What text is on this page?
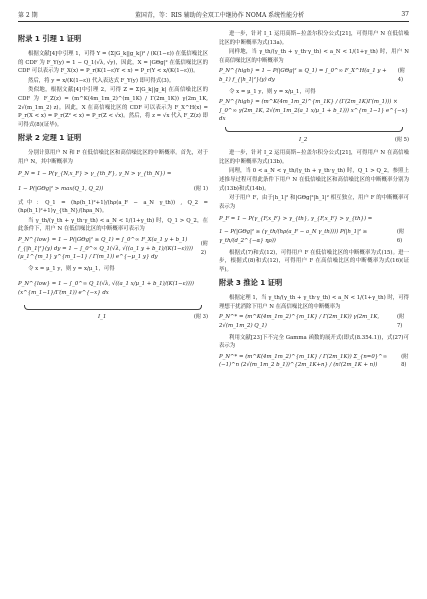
第 2 期	董国青，等：RIS 辅助的全双工中继协作 NOMA 系统性能分析	37
附录 1 引理 1 证明
根据文献[4]中引理 1，可得 Y = (Σ|G_k||g_k|)² / (K(1−ε)) 在低信噪比区的 CDF 为 F_Y(y) = 1 − Q_1(√λ, √y)，因此，X = |GΘg|² 在低信噪比区的 CDF 可以表示为 F_X(x) = P_r(K(1−ε)Y < x) = P_r(Y < x/(K(1−ε)))。
然后，将 y = x/(K(1−ε)) 代入表达式 F_Y(y) 即可得式(3)。
类似地，根据文献[4]中引理 2，可得 Z = Σ|G_k||g_k| 在高信噪比区的 CDF 为 F_Z(z) = (m^K(4m_1m_2)^(m_1K) / Γ(2m_1K)) γ(2m_1K, 2√(m_1m_2) z)。因此，X 在高信噪比区的 CDF 可以表示为 F_X^H(x) = P_r(X < x) = P_r(Z² < x) = P_r(Z < √x)。然后，将 z = √x 代入 F_Z(z) 即可得式(8)(证毕)。
附录 2 定理 1 证明
分别计算用户 N 和 F 在低信噪比区和高信噪比区的中断概率。首先，对于用户 N，其中断概率为
P_N = 1 − P(γ_{N,x_F} > γ_{th_F}, γ_N > γ_{th_N}) =
1 − P(|GΘg|² > max(Q_1, Q_2))	(附 1)
式中：Q_1 = (hρ(h_1)²+1)/(hρ(a_F − a_N γ_th)) , Q_2 = (hρ(h_1)²+1)γ_{th_N}/(hρa_N)。
当 γ_th/(γ_th + γ_th·γ_th) < a_N < 1/(1+γ_th) 时，Q_1 > Q_2，在此条件下，用户 N 在低信噪比区的中断概率可表示为
P_N^{low} = 1 − P(|GΘg|² ≥ Q_1) = ∫_0^∞ F_X(a_1 y + b_1) f_{|h_1|²}(y) dy = 1 − ∫_0^∞ Q_1(√λ, √((a_1 y + b_1)/(K(1−ε)))) (μ_1^{m_1} y^{m_1−1} / Γ(m_1)) e^{−μ_1 y} dy
(附 2)
令 x = μ_1 y，则 y = x/μ_1，可得
P_N^{low} = 1 − ∫_0^∞ Q_1(√λ, √((a_1 x/μ_1 + b_1)/(K(1−ε)))) (x^{m_1−1}/Γ(m_1)) e^{−x} dx
I_1	(附 3)
进一步，针对 I_1 运用高斯−拉盖尔积分公式[21]，可得用户 N 在低信噪比区的中断概率为式(13a)。
同样地，当 γ_th/(γ_th + γ_th·γ_th) < a_N < 1/(1+γ_th) 时，用户 N 在高信噪比区的中断概率为
P_N^{high} = 1 − P(|GΘg|² ≥ Q_1) = ∫_0^∞ F_X^H(a_1 y + b_1) f_{|h_1|²}(y) dy
(附 4)
令 x = μ_1 y，则 y = x/μ_1，可得
P_N^{high} = (m^K(4m_1m_2)^{m_1K} / (Γ(2m_1K)Γ(m_1))) × ∫_0^∞ γ(2m_1K, 2√(m_1m_2(a_1 x/μ_1 + b_1))) x^{m_1−1} e^{−x} dx
I_2	(附 5)
进一步，针对 I_2 运用高斯−拉盖尔积分公式[21]，可得用户 N 在高信噪比区的中断概率为式(13b)。
同理，当 0 < a_N < γ_th/(γ_th + γ_th·γ_th) 时，Q_1 > Q_2，参照上述推导过程可得此条件下用户 N 在低信噪比区和高信噪比区的中断概率分别为式(13b)和式(14b)。
对于用户 F，由于|h_1|² 和|GΘg|²|h_1|² 相互独立，用户 F 的中断概率可表示为
P_F = 1 − P(γ_{F,x_F} > γ_{th}, γ_{F,x_F} > γ_{th}) =
1 − P(|GΘg|² ≥ (γ_th/(hρ(a_F − a_N γ_th)))) P(|h_1|² ≥ γ_th/(d_2^{−α} ηρ))
(附 6)
根据式(7)和式(12)，可得用户 F 在低信噪比区的中断概率为式(15)。进一步，根据式(8)和式(12)，可得用户 F 在高信噪比区的中断概率为式(16)(证毕)。
附录 3 推论 1 证明
根据定理 1，当 γ_th/(γ_th + γ_th·γ_th) < a_N < 1/(1+γ_th) 时，可得理想干扰消除下用户 N 在高信噪比区的中断概率为
P_N^* = (m^K(4m_1m_2)^{m_1K} / Γ(2m_1K)) γ(2m_1K, 2√(m_1m_2) Q_1)
(附 7)
利用文献[23]下不完全 Gamma 函数的展开式(即式(8.354.1))，式(27)可表示为
P_N^* = (m^K(4m_1m_2)^{m_1K} / Γ(2m_1K)) Σ_{n=0}^∞ (−1)^n (2√(m_1m_2 b_1))^{2m_1K+n} / (n!(2m_1K + n))
(附 8)
